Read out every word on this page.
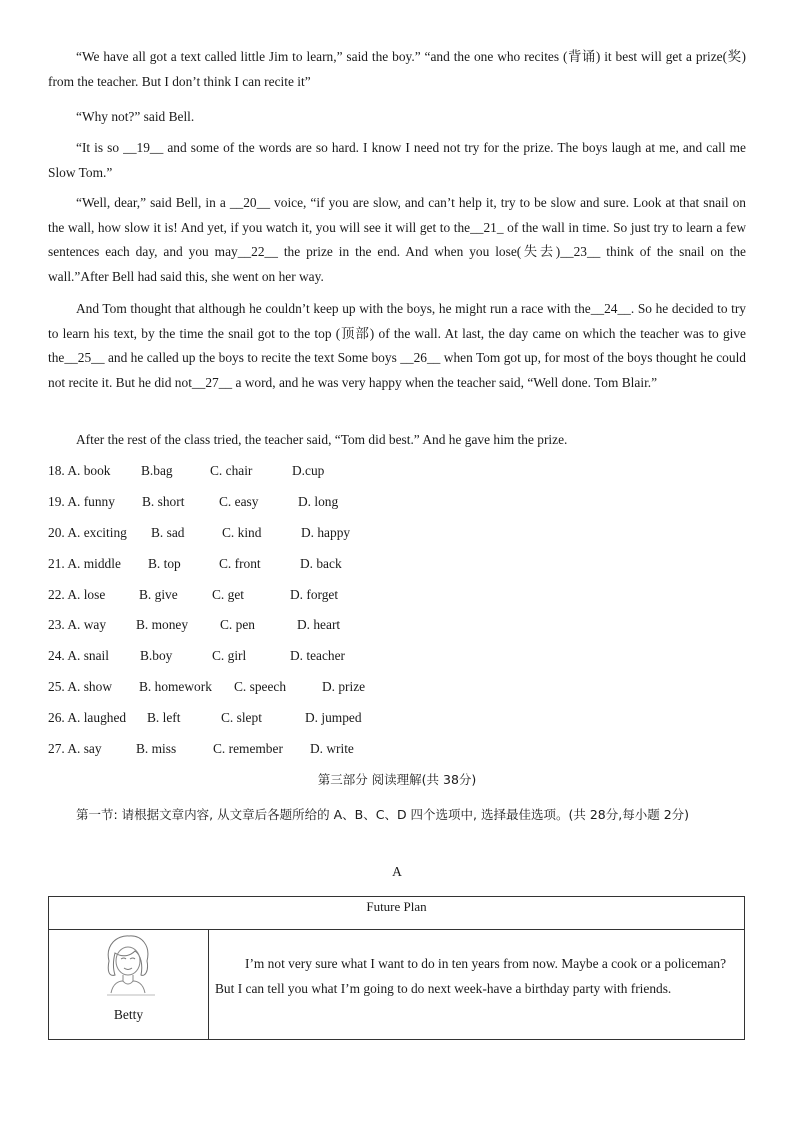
“We have all got a text called little Jim to learn,” said the boy.” “and the one who recites (背诵) it best will get a prize(奖) from the teacher. But I don’t think I can recite it”

“Why not?” said Bell.

“It is so __19__ and some of the words are so hard. I know I need not try for the prize. The boys laugh at me, and call me Slow Tom.”

“Well, dear,” said Bell, in a __20__ voice, “if you are slow, and can’t help it, try to be slow and sure. Look at that snail on the wall, how slow it is! And yet, if you watch it, you will see it will get to the__21_ of the wall in time. So just try to learn a few sentences each day, and you may__22__ the prize in the end. And when you lose(失去)__23__ think of the snail on the wall.”After Bell had said this, she went on her way.

And Tom thought that although he couldn’t keep up with the boys, he might run a race with the__24__. So he decided to try to learn his text, by the time the snail got to the top (顶部) of the wall. At last, the day came on which the teacher was to give the__25__ and he called up the boys to recite the text Some boys __26__ when Tom got up, for most of the boys thought he could not recite it. But he did not__27__ a word, and he was very happy when the teacher said, “Well done. Tom Blair.”

After the rest of the class tried, the teacher said, “Tom did best.” And he gave him the prize.

18. A. book B.bag	C. chair	D.cup
19. A. funny B. short	C. easy	D. long
20. A. exciting B. sad	C. kind	D. happy
21. A. middle B. top	C. front	D. back
22. A. lose	B. give	C. get	D. forget
23. A. way B. money C. pen	D. heart
24. A. snail B.boy	C. girl	D. teacher
25. A. show B. homework C. speech	D. prize
26. A. laughed B. left	C. slept	D. jumped
27. A. say	B. miss	C. remember D. write
第三部分 阅读理解(共 38分)

第一节: 请根据文章内容, 从文章后各题所给的 A、B、C、D 四个选项中, 选择最佳选项。(共 28分,每小题 2分)

A
Future Plan
Betty

I’m not very sure what I want to do in ten years from now. Maybe a cook or a policeman? But I can tell you what I’m going to do next week-have a birthday party with friends.
